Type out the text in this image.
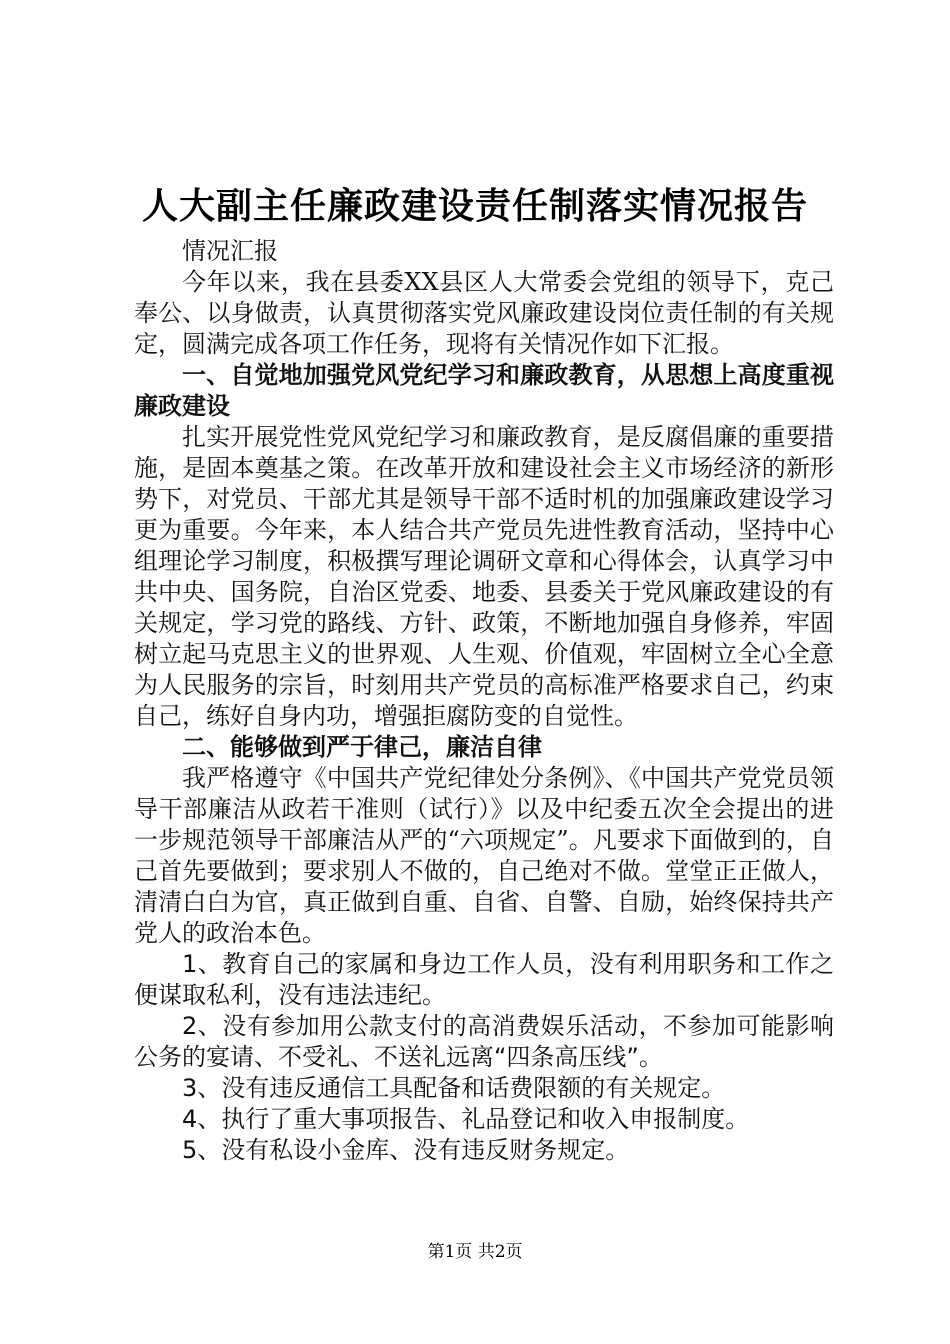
人大副主任廉政建设责任制落实情况报告

情况汇报

今年以来，我在县委XX县区人大常委会党组的领导下，克己奉公、以身做责，认真贯彻落实党风廉政建设岗位责任制的有关规定，圆满完成各项工作任务，现将有关情况作如下汇报。

一、自觉地加强党风党纪学习和廉政教育，从思想上高度重视廉政建设

扎实开展党性党风党纪学习和廉政教育，是反腐倡廉的重要措施，是固本奠基之策。在改革开放和建设社会主义市场经济的新形势下，对党员、干部尤其是领导干部不适时机的加强廉政建设学习更为重要。今年来，本人结合共产党员先进性教育活动，坚持中心组理论学习制度，积极撰写理论调研文章和心得体会，认真学习中共中央、国务院，自治区党委、地委、县委关于党风廉政建设的有关规定，学习党的路线、方针、政策，不断地加强自身修养，牢固树立起马克思主义的世界观、人生观、价值观，牢固树立全心全意为人民服务的宗旨，时刻用共产党员的高标准严格要求自己，约束自己，练好自身内功，增强拒腐防变的自觉性。

二、能够做到严于律己，廉洁自律

我严格遵守《中国共产党纪律处分条例》、《中国共产党党员领导干部廉洁从政若干准则（试行）》以及中纪委五次全会提出的进一步规范领导干部廉洁从严的“六项规定”。凡要求下面做到的，自己首先要做到；要求别人不做的，自己绝对不做。堂堂正正做人，清清白白为官，真正做到自重、自省、自警、自励，始终保持共产党人的政治本色。

1、教育自己的家属和身边工作人员，没有利用职务和工作之便谋取私利，没有违法违纪。

2、没有参加用公款支付的高消费娱乐活动，不参加可能影响公务的宴请、不受礼、不送礼远离“四条高压线”。

3、没有违反通信工具配备和话费限额的有关规定。

4、执行了重大事项报告、礼品登记和收入申报制度。

5、没有私设小金库、没有违反财务规定。

第1页 共2页
